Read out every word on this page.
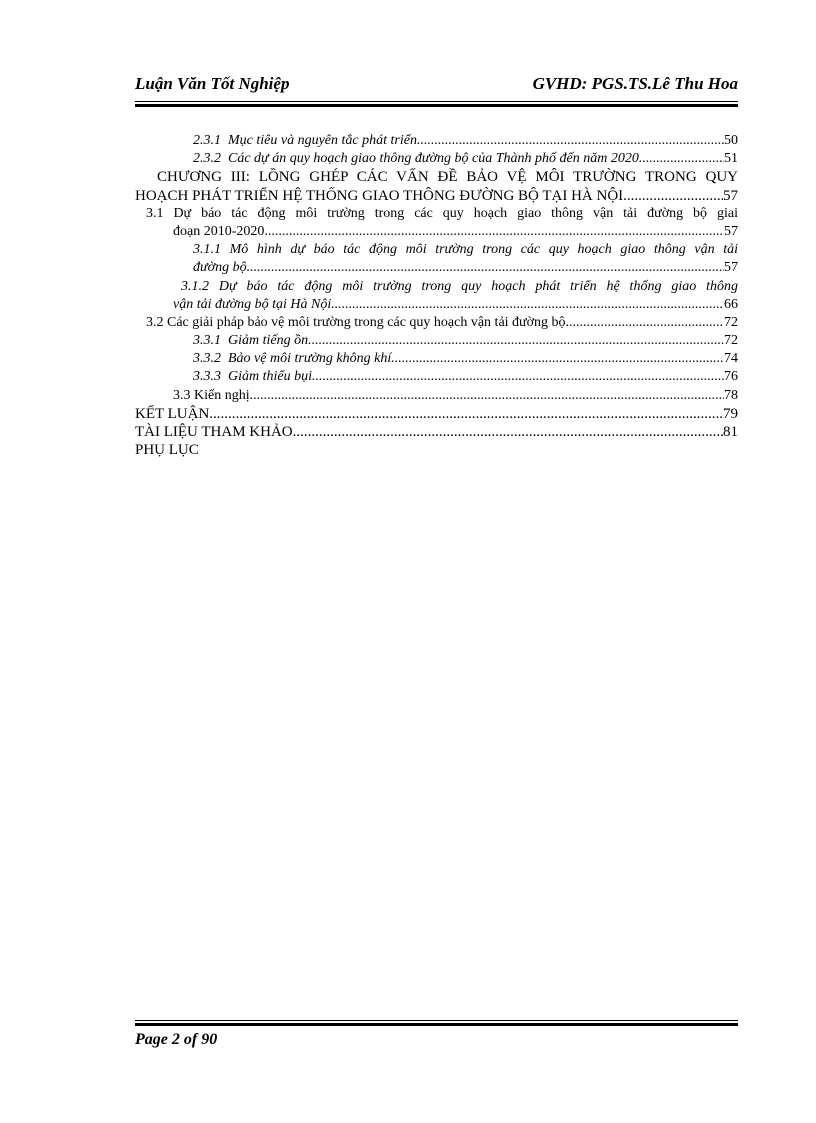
Luận Văn Tốt Nghiệp	GVHD: PGS.TS.Lê Thu Hoa
2.3.1 Mục tiêu và nguyên tắc phát triển .....	50
2.3.2 Các dự án quy hoạch giao thông đường bộ của Thành phố đến năm 2020 .....	51
CHƯƠNG III: LỒNG GHÉP CÁC VẤN ĐỀ BẢO VỆ MÔI TRƯỜNG TRONG QUY
HOẠCH PHÁT TRIỂN HỆ THỐNG GIAO THÔNG ĐƯỜNG BỘ TẠI HÀ NỘI .....	57
3.1 Dự báo tác động môi trường trong các quy hoạch giao thông vận tải đường bộ giai
đoạn 2010-2020 .....	57
3.1.1 Mô hình dự báo tác động môi trường trong các quy hoạch giao thông vận tải
đường bộ .....	57
3.1.2 Dự báo tác động môi trường trong quy hoạch phát triển hệ thống giao thông
vận tải đường bộ tại Hà Nội .....	66
3.2 Các giải pháp bảo vệ môi trường trong các quy hoạch vận tải đường bộ .....	72
3.3.1 Giảm tiếng ồn .....	72
3.3.2 Bảo vệ môi trường không khí .....	74
3.3.3 Giảm thiểu bụi .....	76
3.3 Kiến nghị .....	78
KẾT LUẬN .....	79
TÀI LIỆU THAM KHẢO .....	81
PHỤ LỤC
Page 2 of 90
